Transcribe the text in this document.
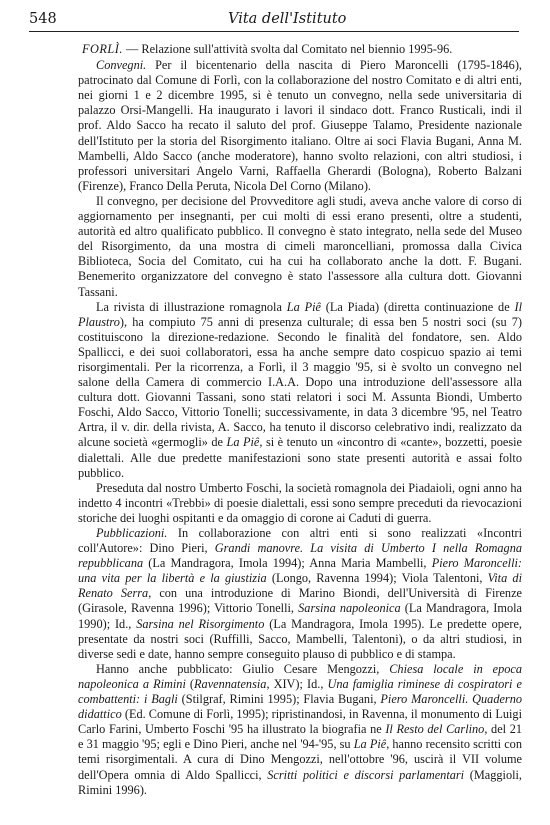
548	Vita dell'Istituto

FORLÌ. — Relazione sull'attività svolta dal Comitato nel biennio 1995-96.

Convegni. Per il bicentenario della nascita di Piero Maroncelli (1795-1846), patrocinato dal Comune di Forlì, con la collaborazione del nostro Comitato e di altri enti, nei giorni 1 e 2 dicembre 1995, si è tenuto un convegno, nella sede universitaria di palazzo Orsi-Mangelli. Ha inaugurato i lavori il sindaco dott. Franco Rusticali, indi il prof. Aldo Sacco ha recato il saluto del prof. Giuseppe Talamo, Presidente nazionale dell'Istituto per la storia del Risorgimento italiano. Oltre ai soci Flavia Bugani, Anna M. Mambelli, Aldo Sacco (anche moderatore), hanno svolto relazioni, con altri studiosi, i professori universitari Angelo Varni, Raffaella Gherardi (Bologna), Roberto Balzani (Firenze), Franco Della Peruta, Nicola Del Corno (Milano).

Il convegno, per decisione del Provveditore agli studi, aveva anche valore di corso di aggiornamento per insegnanti, per cui molti di essi erano presenti, oltre a studenti, autorità ed altro qualificato pubblico. Il convegno è stato integrato, nella sede del Museo del Risorgimento, da una mostra di cimeli maroncelliani, promossa dalla Civica Biblioteca, Socia del Comitato, cui ha cui ha collaborato anche la dott. F. Bugani. Benemerito organizzatore del convegno è stato l'assessore alla cultura dott. Giovanni Tassani.

La rivista di illustrazione romagnola La Piê (La Piada) (diretta continuazione de Il Plaustro), ha compiuto 75 anni di presenza culturale; di essa ben 5 nostri soci (su 7) costituiscono la direzione-redazione. Secondo le finalità del fondatore, sen. Aldo Spallicci, e dei suoi collaboratori, essa ha anche sempre dato cospicuo spazio ai temi risorgimentali. Per la ricorrenza, a Forlì, il 3 maggio '95, si è svolto un convegno nel salone della Camera di commercio I.A.A. Dopo una introduzione dell'assessore alla cultura dott. Giovanni Tassani, sono stati relatori i soci M. Assunta Biondi, Umberto Foschi, Aldo Sacco, Vittorio Tonelli; successivamente, in data 3 dicembre '95, nel Teatro Artra, il v. dir. della rivista, A. Sacco, ha tenuto il discorso celebrativo indi, realizzato da alcune società «germogli» de La Piê, si è tenuto un «incontro di «cante», bozzetti, poesie dialettali. Alle due predette manifestazioni sono state presenti autorità e assai folto pubblico.

Preseduta dal nostro Umberto Foschi, la società romagnola dei Piadaioli, ogni anno ha indetto 4 incontri «Trebbi» di poesie dialettali, essi sono sempre preceduti da rievocazioni storiche dei luoghi ospitanti e da omaggio di corone ai Caduti di guerra.

Pubblicazioni. In collaborazione con altri enti si sono realizzati «Incontri coll'Autore»: Dino Pieri, Grandi manovre. La visita di Umberto I nella Romagna repubblicana (La Mandragora, Imola 1994); Anna Maria Mambelli, Piero Maroncelli: una vita per la libertà e la giustizia (Longo, Ravenna 1994); Viola Talentoni, Vita di Renato Serra, con una introduzione di Marino Biondi, dell'Università di Firenze (Girasole, Ravenna 1996); Vittorio Tonelli, Sarsina napoleonica (La Mandragora, Imola 1990); Id., Sarsina nel Risorgimento (La Mandragora, Imola 1995). Le predette opere, presentate da nostri soci (Ruffilli, Sacco, Mambelli, Talentoni), o da altri studiosi, in diverse sedi e date, hanno sempre conseguito plauso di pubblico e di stampa.

Hanno anche pubblicato: Giulio Cesare Mengozzi, Chiesa locale in epoca napoleonica a Rimini (Ravennatensia, XIV); Id., Una famiglia riminese di cospiratori e combattenti: i Bagli (Stilgraf, Rimini 1995); Flavia Bugani, Piero Maroncelli. Quaderno didattico (Ed. Comune di Forlì, 1995); ripristinandosi, in Ravenna, il monumento di Luigi Carlo Farini, Umberto Foschi '95 ha illustrato la biografia ne Il Resto del Carlino, del 21 e 31 maggio '95; egli e Dino Pieri, anche nel '94-'95, su La Piê, hanno recensito scritti con temi risorgimentali. A cura di Dino Mengozzi, nell'ottobre '96, uscirà il VII volume dell'Opera omnia di Aldo Spallicci, Scritti politici e discorsi parlamentari (Maggioli, Rimini 1996).
